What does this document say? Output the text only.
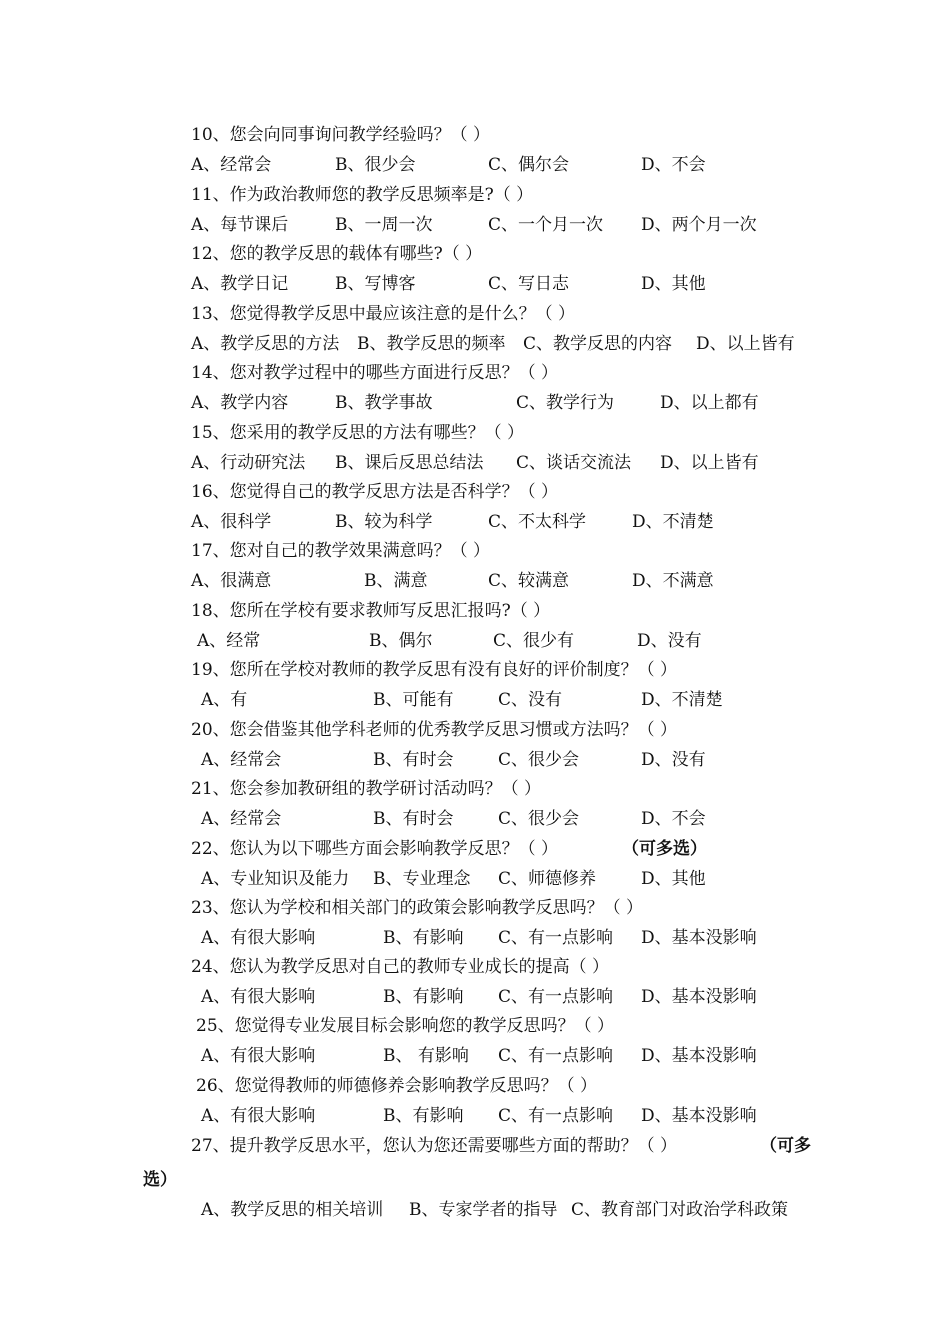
10、您会向同事询问教学经验吗？（ ）
A、经常会	B、很少会	C、偶尔会	D、不会
11、作为政治教师您的教学反思频率是?（ ）
A、每节课后	B、一周一次	C、一个月一次 D、两个月一次
12、您的教学反思的载体有哪些?（ ）
A、教学日记	B、写博客	C、写日志	D、其他
13、您觉得教学反思中最应该注意的是什么？（ ）
A、教学反思的方法 B、教学反思的频率 C、教学反思的内容 D、以上皆有
14、您对教学过程中的哪些方面进行反思？（ ）
A、教学内容	B、教学事故	C、教学行为	D、以上都有
15、您采用的教学反思的方法有哪些？（ ）
A、行动研究法 B、课后反思总结法 C、谈话交流法 D、以上皆有
16、您觉得自己的教学反思方法是否科学？（ ）
A、很科学	B、较为科学	C、不太科学	D、不清楚
17、您对自己的教学效果满意吗？（ ）
A、很满意	B、满意	C、较满意	D、不满意
18、您所在学校有要求教师写反思汇报吗?（ ）
A、经常	B、偶尔	C、很少有	D、没有
19、您所在学校对教师的教学反思有没有良好的评价制度？（ ）
A、有	B、可能有	C、没有	D、不清楚
20、您会借鉴其他学科老师的优秀教学反思习惯或方法吗？（ ）
A、经常会	B、有时会	C、很少会	D、没有
21、您会参加教研组的教学研讨活动吗？（ ）
A、经常会	B、有时会	C、很少会	D、不会
22、您认为以下哪些方面会影响教学反思？（ ）	（可多选）
A、专业知识及能力 B、专业理念 C、师德修养	D、其他
23、您认为学校和相关部门的政策会影响教学反思吗？（ ）
A、有很大影响	B、有影响 C、有一点影响 D、基本没影响
24、您认为教学反思对自己的教师专业成长的提高（ ）
A、有很大影响	B、有影响 C、有一点影响 D、基本没影响
25、您觉得专业发展目标会影响您的教学反思吗？（ ）
A、有很大影响	B、 有影响 C、有一点影响 D、基本没影响
26、您觉得教师的师德修养会影响教学反思吗？（ ）
A、有很大影响	B、有影响 C、有一点影响 D、基本没影响
27、提升教学反思水平，您认为您还需要哪些方面的帮助？（ ）	（可多
选）
A、教学反思的相关培训 B、专家学者的指导 C、教育部门对政治学科政策
